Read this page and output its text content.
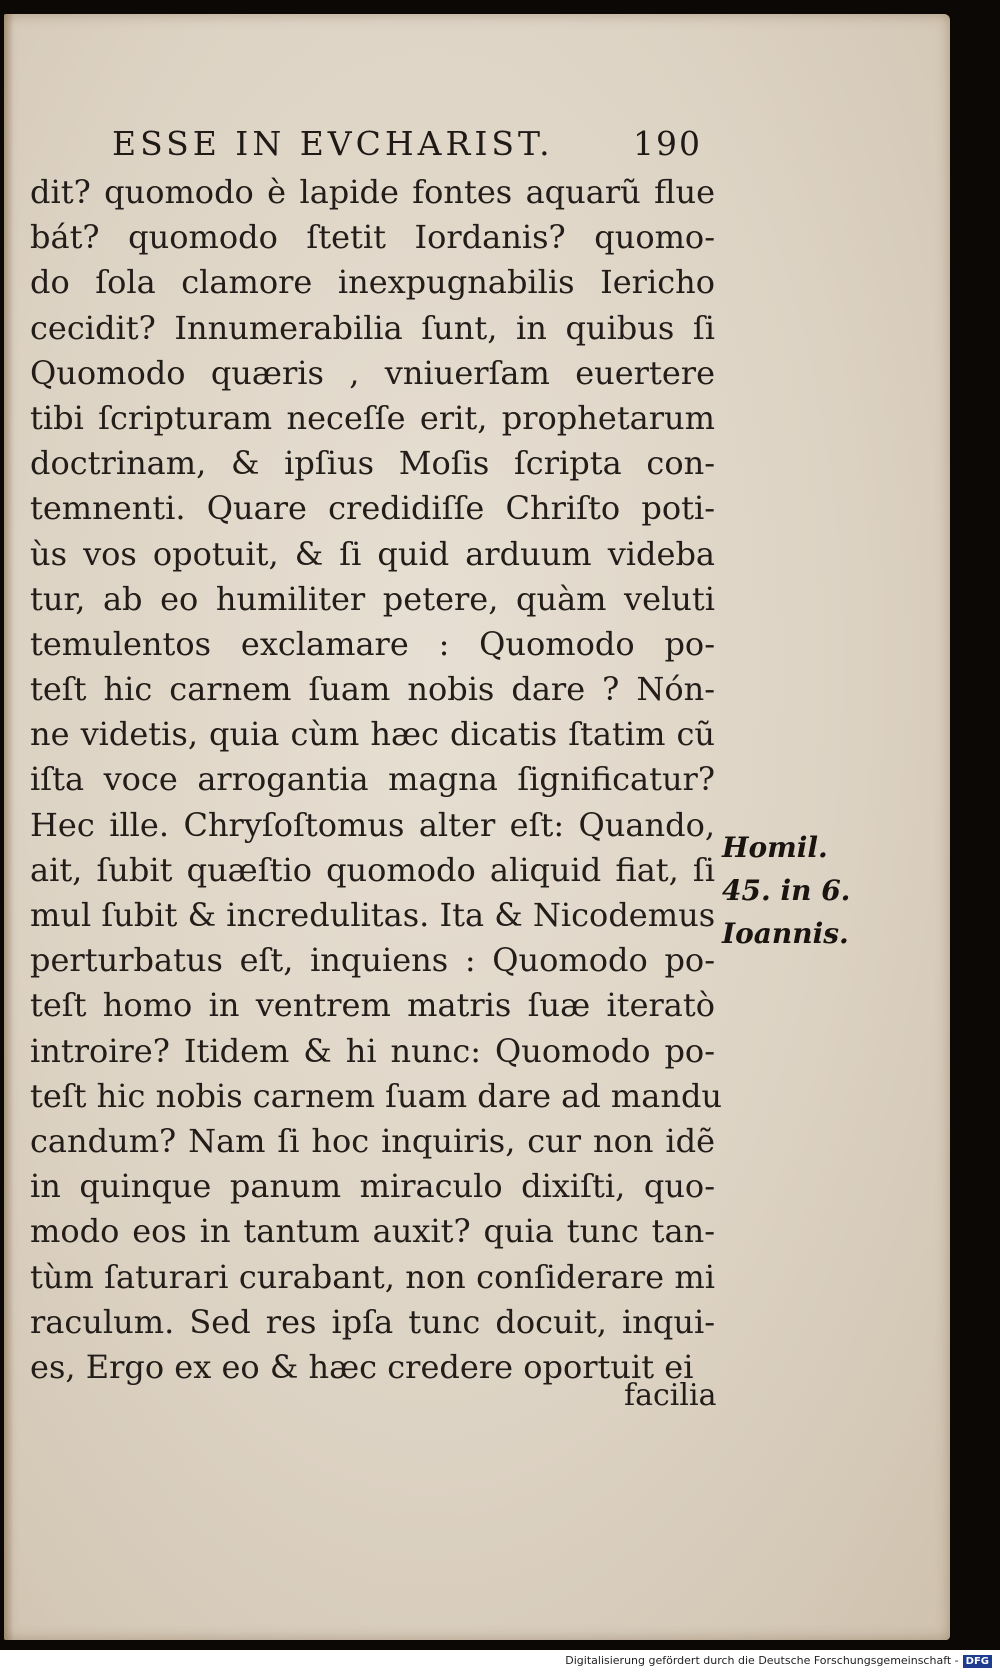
ESSE IN EVCHARIST. 190
dit? quomodo è lapide fontes aquarũ flue
bát? quomodo ſtetit Iordanis? quomo-
do ſola clamore inexpugnabilis Iericho
cecidit? Innumerabilia ſunt, in quibus ſi
Quomodo quæris , vniuerſam euertere
tibi ſcripturam neceſſe erit, prophetarum
doctrinam, & ipſius Moſis ſcripta con-
temnenti. Quare credidiſſe Chriſto poti-
ùs vos opotuit, & ſi quid arduum videba
tur, ab eo humiliter petere, quàm veluti
temulentos exclamare : Quomodo po-
teſt hic carnem ſuam nobis dare ? Nón-
ne videtis, quia cùm hæc dicatis ſtatim cũ
iſta voce arrogantia magna ſignificatur?
Hec ille. Chryſoſtomus alter eſt: Quando,
ait, ſubit quæſtio quomodo aliquid fiat, ſi
mul ſubit & incredulitas. Ita & Nicodemus
perturbatus eſt, inquiens : Quomodo po-
teſt homo in ventrem matris ſuæ iteratò
introire? Itidem & hi nunc: Quomodo po-
teſt hic nobis carnem ſuam dare ad mandu
candum? Nam ſi hoc inquiris, cur non idẽ
in quinque panum miraculo dixiſti, quo-
modo eos in tantum auxit? quia tunc tan-
tùm ſaturari curabant, non conſiderare mi
raculum. Sed res ipſa tunc docuit, inqui-
es, Ergo ex eo & hæc credere oportuit ei
facilia
Homil.
45. in 6.
Ioannis.
Digitalisierung gefördert durch die Deutsche Forschungsgemeinschaft - DFG
